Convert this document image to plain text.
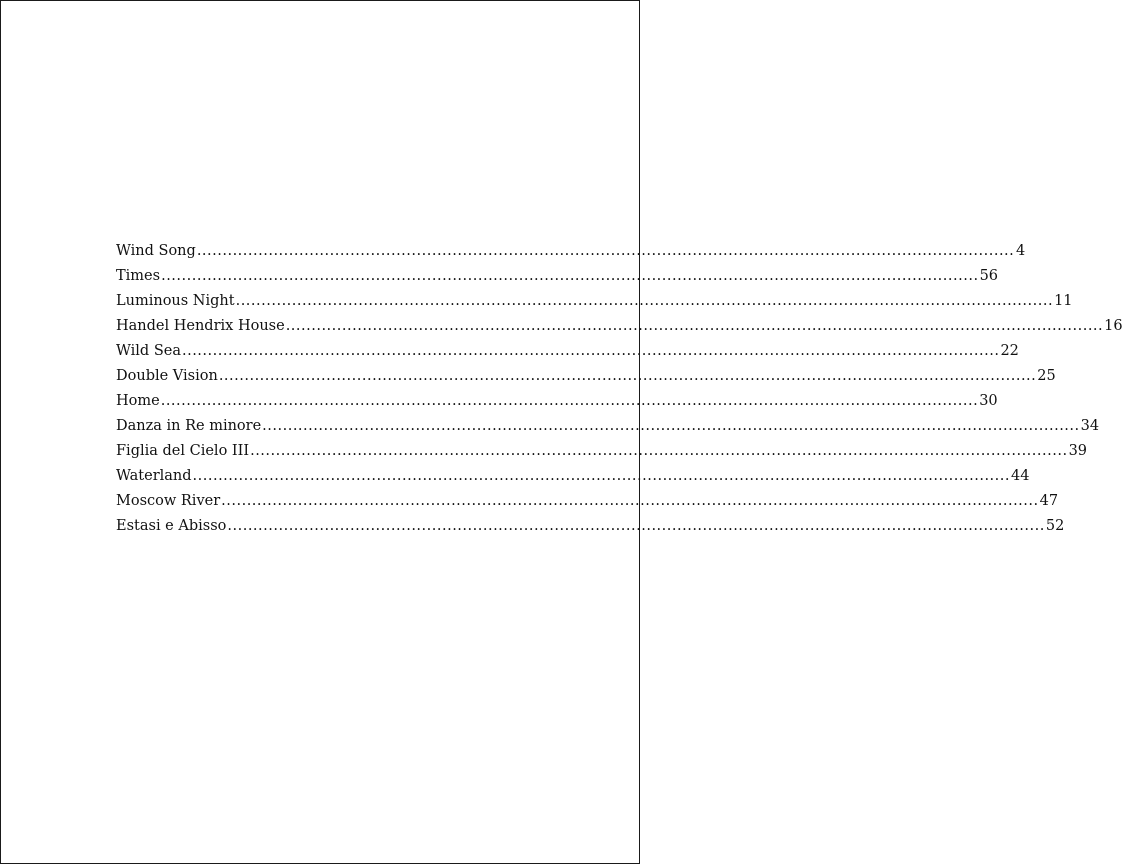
Wind Song ................................................................................................................................................................ 4
Times ................................................................................................................................................................ 56
Luminous Night ................................................................................................................................................................ 11
Handel Hendrix House ................................................................................................................................................................ 16
Wild Sea ................................................................................................................................................................ 22
Double Vision ................................................................................................................................................................ 25
Home ................................................................................................................................................................ 30
Danza in Re minore ................................................................................................................................................................ 34
Figlia del Cielo III ................................................................................................................................................................ 39
Waterland ................................................................................................................................................................ 44
Moscow River ................................................................................................................................................................ 47
Estasi e Abisso ................................................................................................................................................................ 52
